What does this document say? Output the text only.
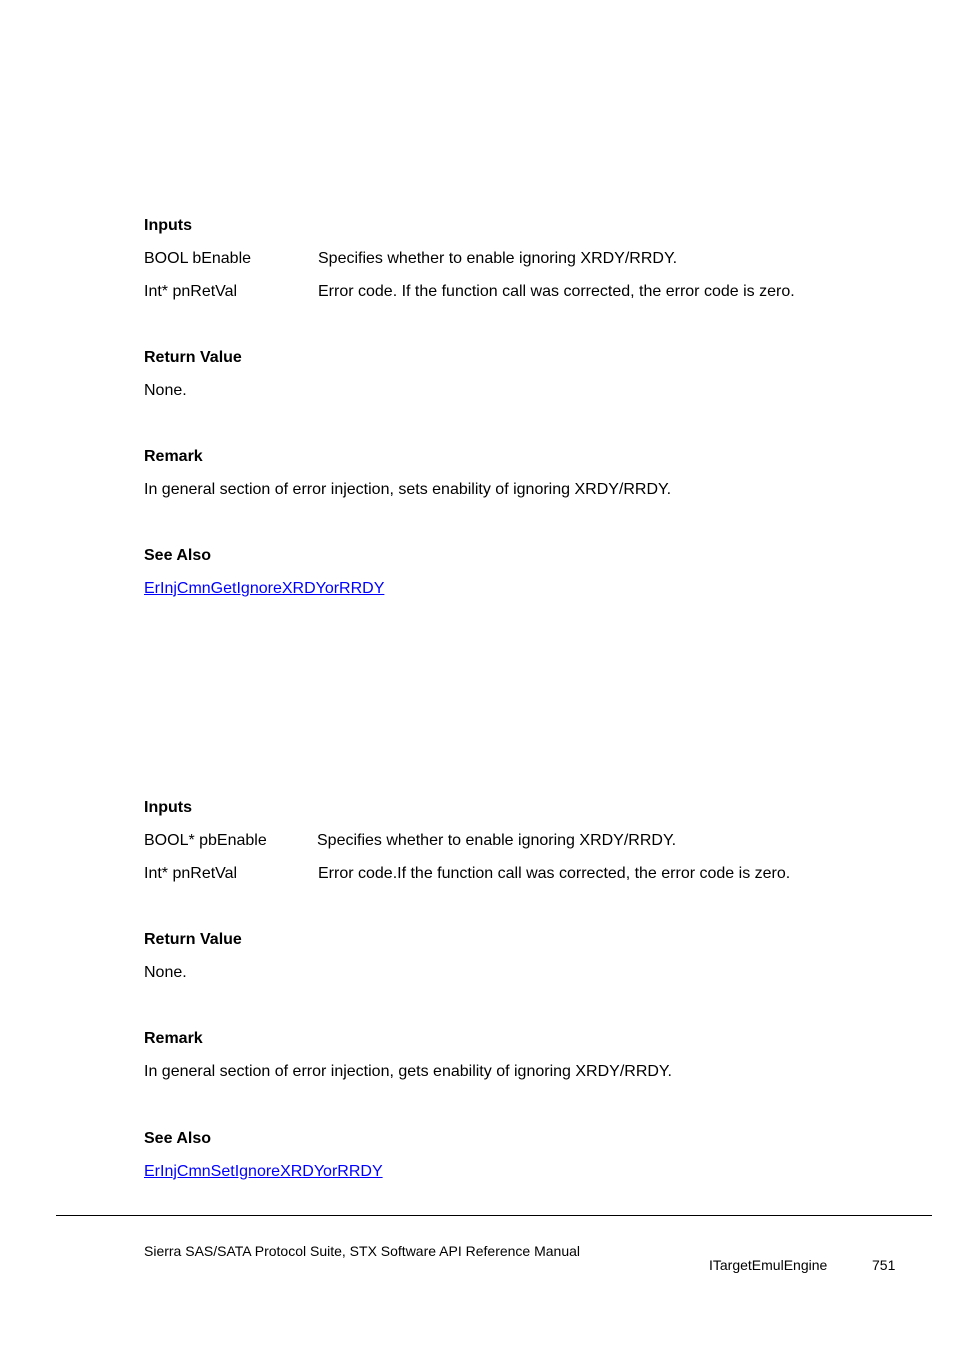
Inputs
BOOL bEnable	Specifies whether to enable ignoring XRDY/RRDY.
Int* pnRetVal	Error code. If the function call was corrected, the error code is zero.
Return Value
None.
Remark
In general section of error injection, sets enability of ignoring XRDY/RRDY.
See Also
ErInjCmnGetIgnoreXRDYorRRDY
Inputs
BOOL* pbEnable	Specifies whether to enable ignoring XRDY/RRDY.
Int* pnRetVal	Error code.If the function call was corrected, the error code is zero.
Return Value
None.
Remark
In general section of error injection, gets enability of ignoring XRDY/RRDY.
See Also
ErInjCmnSetIgnoreXRDYorRRDY
Sierra SAS/SATA Protocol Suite, STX Software API Reference Manual
ITargetEmulEngine	751
